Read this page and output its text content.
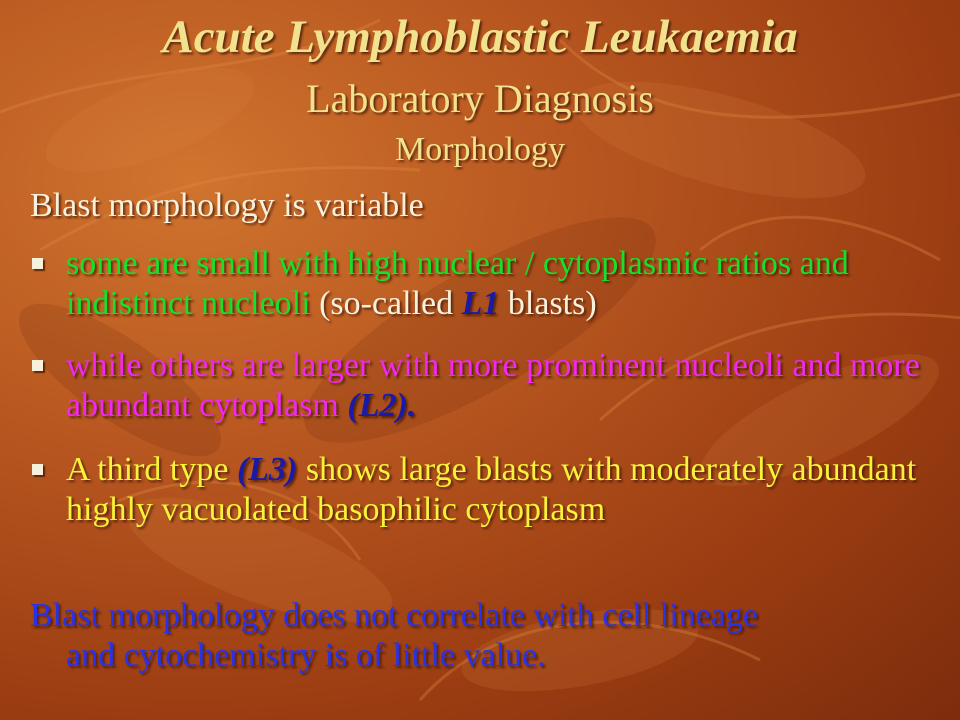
Acute Lymphoblastic Leukaemia
Laboratory Diagnosis
Morphology
Blast morphology is variable
some are small with high nuclear / cytoplasmic ratios and indistinct nucleoli (so-called L1 blasts)
while others are larger with more prominent nucleoli and more abundant cytoplasm (L2).
A third type (L3) shows large blasts with moderately abundant highly vacuolated basophilic cytoplasm
Blast morphology does not correlate with cell lineage
and cytochemistry is of little value.
